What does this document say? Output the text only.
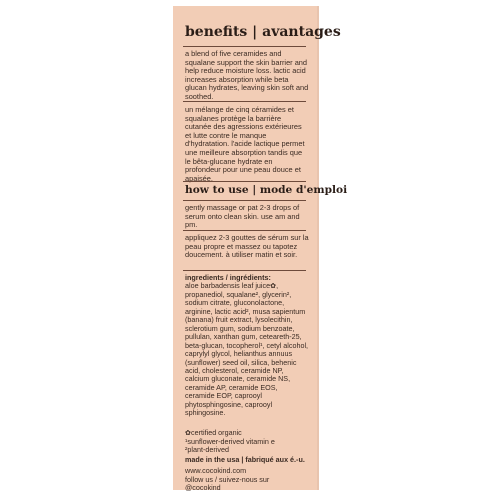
benefits | avantages
a blend of five ceramides and squalane support the skin barrier and help reduce moisture loss. lactic acid increases absorption while beta glucan hydrates, leaving skin soft and soothed.
un mélange de cinq céramides et squalanes protège la barrière cutanée des agressions extérieures et lutte contre le manque d'hydratation. l'acide lactique permet une meilleure absorption tandis que le bêta-glucane hydrate en profondeur pour une peau douce et apaisée.
how to use | mode d'emploi
gently massage or pat 2-3 drops of serum onto clean skin. use am and pm.
appliquez 2-3 gouttes de sérum sur la peau propre et massez ou tapotez doucement. à utiliser matin et soir.
ingredients / ingrédients:
aloe barbadensis leaf juice✿, propanediol, squalane², glycerin², sodium citrate, gluconolactone, arginine, lactic acid², musa sapientum (banana) fruit extract, lysolecithin, sclerotium gum, sodium benzoate, pullulan, xanthan gum, ceteareth-25, beta-glucan, tocopherol¹, cetyl alcohol, caprylyl glycol, helianthus annuus (sunflower) seed oil, silica, behenic acid, cholesterol, ceramide NP, calcium gluconate, ceramide NS, ceramide AP, ceramide EOS, ceramide EOP, caprooyl phytosphingosine, caprooyl sphingosine.
✿certified organic
¹sunflower-derived vitamin e
²plant-derived
made in the usa | fabriqué aux é.-u.
www.cocokind.com
follow us / suivez-nous sur
@cocokind
